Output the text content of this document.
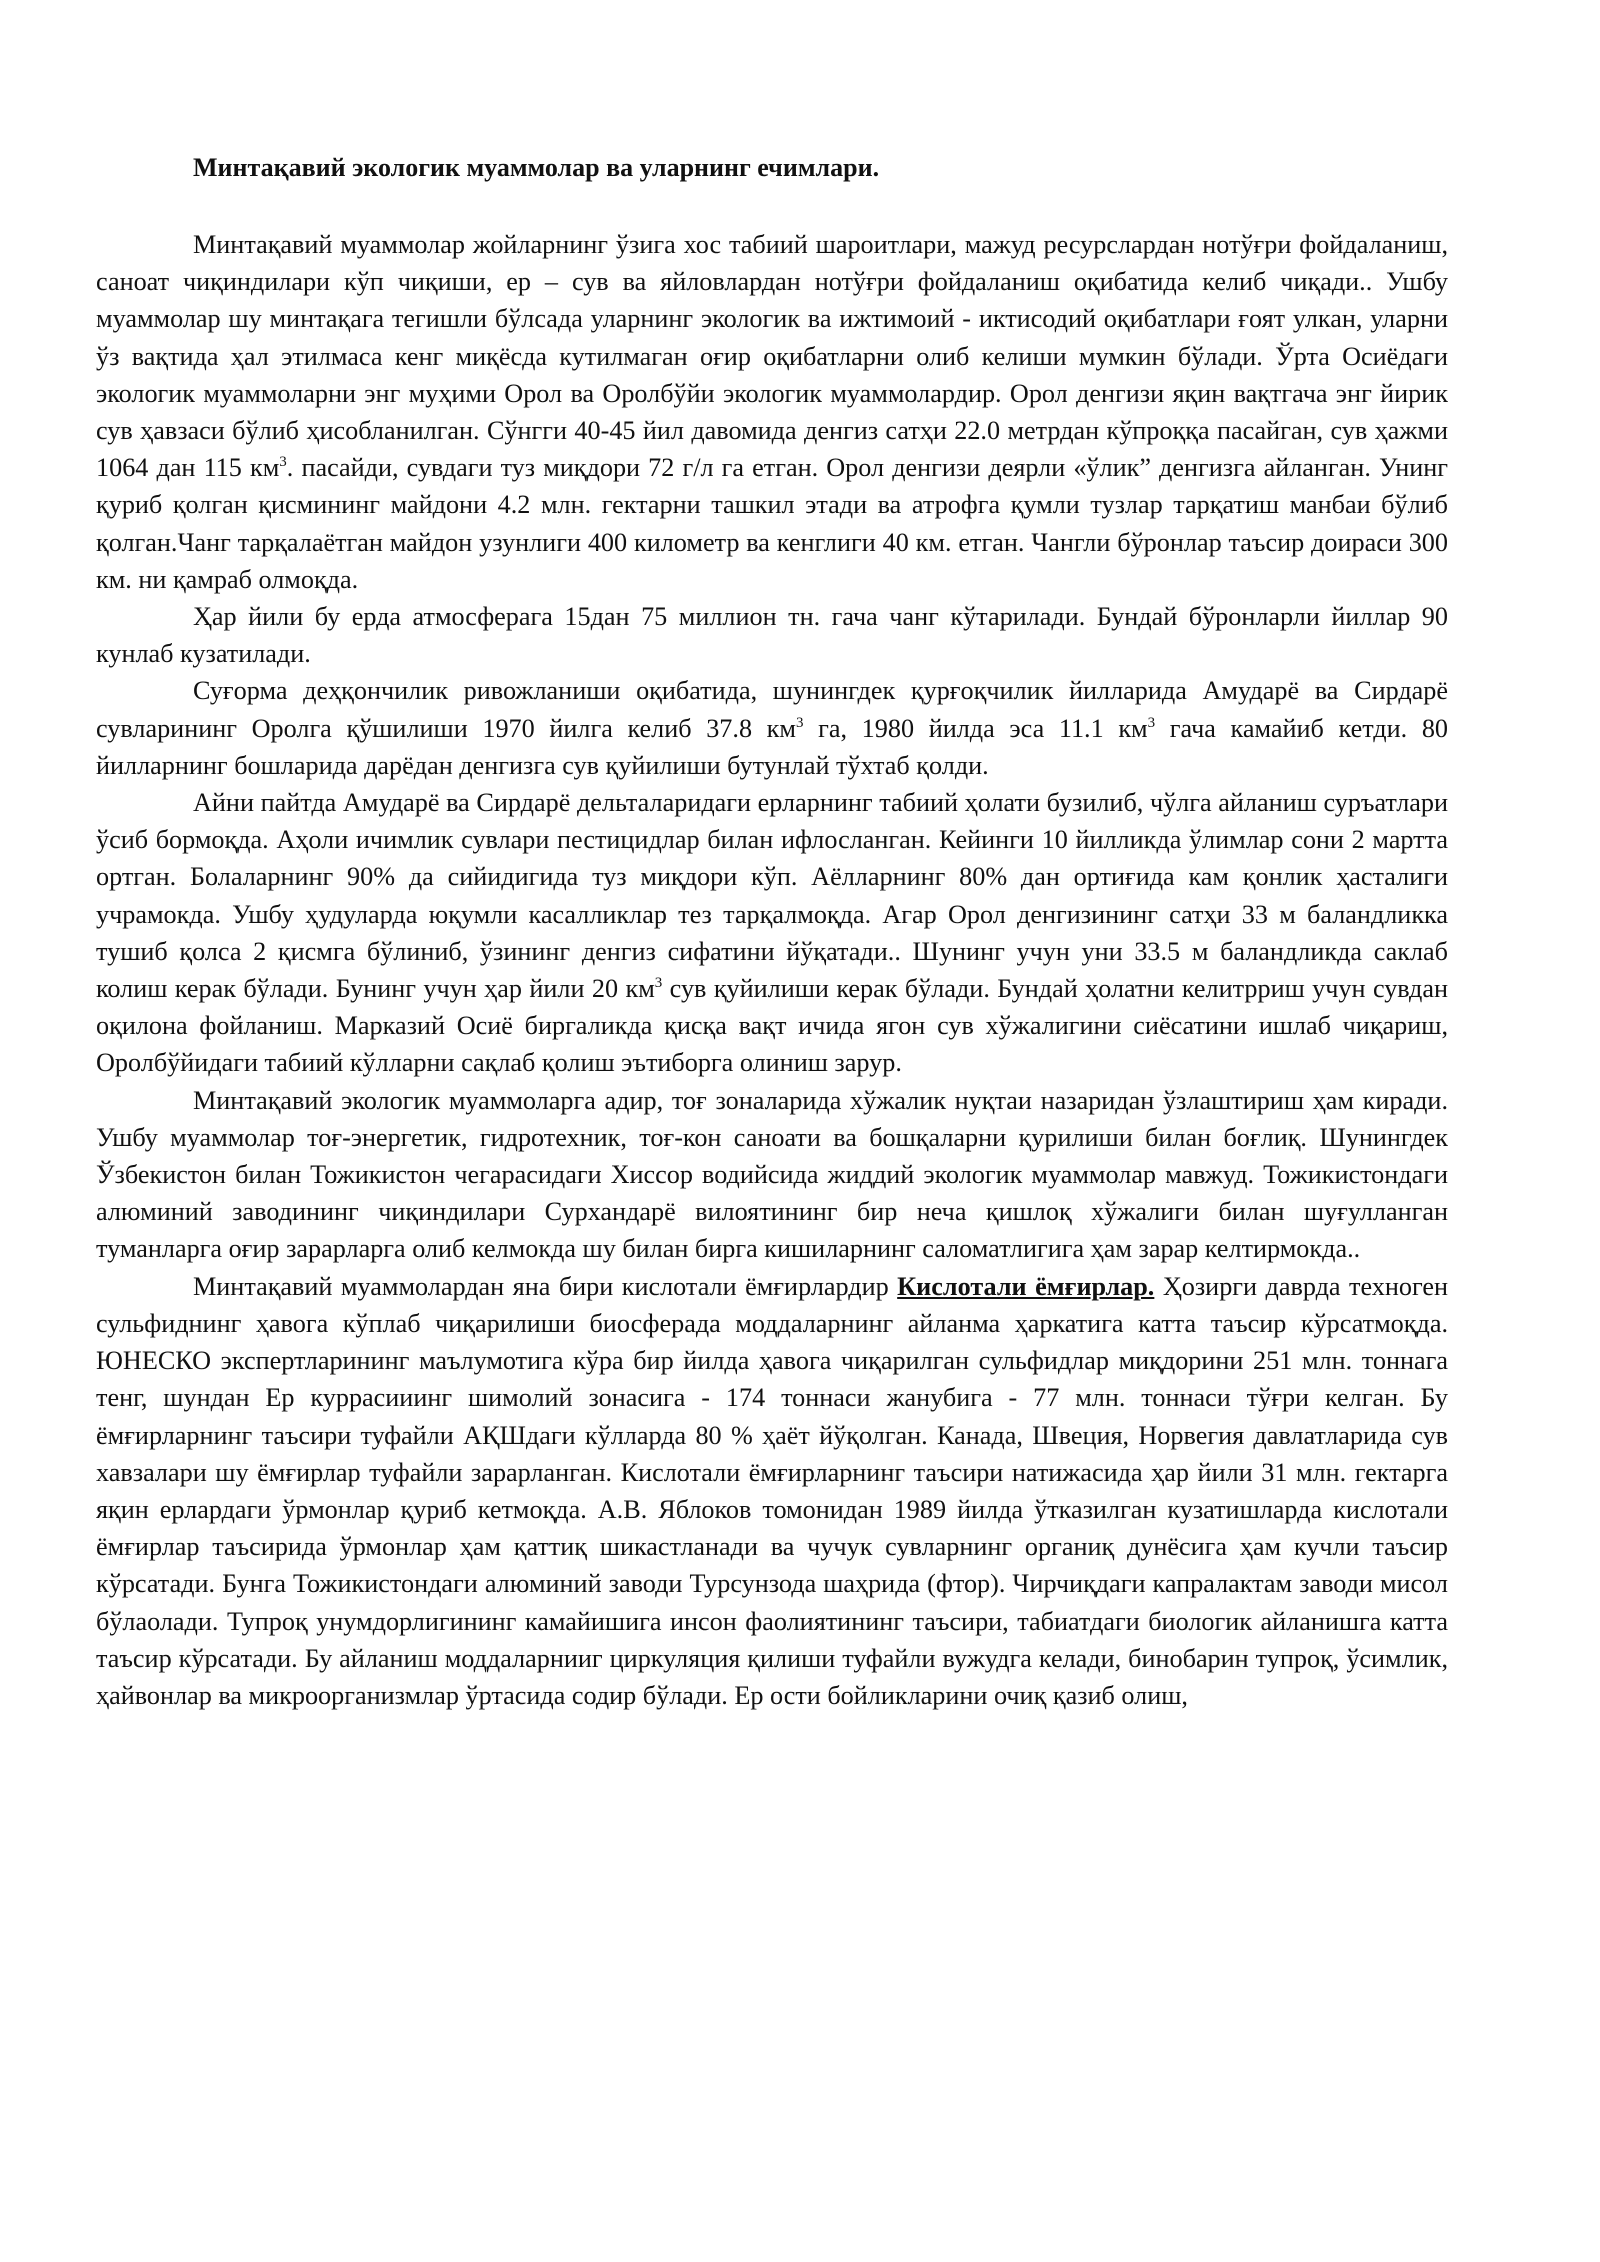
Минтақавий экологик муаммолар ва уларнинг ечимлари.

Минтақавий муаммолар жойларнинг ўзига хос табиий шароитлари, мажуд ресурслардан нотўғри фойдаланиш, саноат чиқиндилари кўп чиқиши, ер – сув ва яйловлардан нотўғри фойдаланиш оқибатида келиб чиқади.. Ушбу муаммолар шу минтақага тегишли бўлсада уларнинг экологик ва ижтимоий - иктисодий оқибатлари ғоят улкан, уларни ўз вақтида ҳал этилмаса кенг миқёсда кутилмаган оғир оқибатларни олиб келиши мумкин бўлади. Ўрта Осиёдаги экологик муаммоларни энг муҳими Орол ва Оролбўйи экологик муаммолардир. Орол денгизи яқин вақтгача энг йирик сув ҳавзаси бўлиб ҳисобланилган. Сўнгги 40-45 йил давомида денгиз сатҳи 22.0 метрдан кўпроққа пасайган, сув ҳажми 1064 дан 115 $км^3$. пасайди, сувдаги туз миқдори 72 г/л га етган. Орол денгизи деярли «ўлик” денгизга айланган. Унинг қуриб қолган қисмининг майдони 4.2 млн. гектарни ташкил этади ва атрофга қумли тузлар тарқатиш манбаи бўлиб қолган.Чанг тарқалаётган майдон узунлиги 400 километр ва кенглиги 40 км. етган. Чангли бўронлар таъсир доираси 300 км. ни қамраб олмоқда.

Ҳар йили бу ерда атмосферага 15дан 75 миллион тн. гача чанг кўтарилади. Бундай бўронларли йиллар 90 кунлаб кузатилади.

Суғорма деҳқончилик ривожланиши оқибатида, шунингдек қурғоқчилик йилларида Амударё ва Сирдарё сувларининг Оролга қўшилиши 1970 йилга келиб 37.8 $км^3$ га, 1980 йилда эса 11.1 $км^3$ гача камайиб кетди. 80 йилларнинг бошларида дарёдан денгизга сув қуйилиши бутунлай тўхтаб қолди.

Айни пайтда Амударё ва Сирдарё дельталаридаги ерларнинг табиий ҳолати бузилиб, чўлга айланиш суръатлари ўсиб бормоқда. Аҳоли ичимлик сувлари пестицидлар билан ифлосланган. Кейинги 10 йилликда ўлимлар сони 2 мартта ортган. Болаларнинг 90% да сийидигида туз миқдори кўп. Аёлларнинг 80% дан ортиғида кам қонлик ҳасталиги учрамокда. Ушбу ҳудуларда юқумли касалликлар тез тарқалмоқда. Агар Орол денгизининг сатҳи 33 м баландликка тушиб қолса 2 қисмга бўлиниб, ўзининг денгиз сифатини йўқатади.. Шунинг учун уни 33.5 м баландликда саклаб колиш керак бўлади. Бунинг учун ҳар йили 20 $км^3$ сув қуйилиши керак бўлади. Бундай ҳолатни келитрриш учун сувдан оқилона фойланиш. Марказий Осиё биргаликда қисқа вақт ичида ягон сув хўжалигини сиёсатини ишлаб чиқариш, Оролбўйидаги табиий кўлларни сақлаб қолиш эътиборга олиниш зарур.

Минтақавий экологик муаммоларга адир, тоғ зоналарида хўжалик нуқтаи назаридан ўзлаштириш ҳам киради. Ушбу муаммолар тоғ-энергетик, гидротехник, тоғ-кон саноати ва бошқаларни қурилиши билан боғлиқ. Шунингдек Ўзбекистон билан Тожикистон чегарасидаги Хиссор водийсида жиддий экологик муаммолар мавжуд. Тожикистондаги алюминий заводининг чиқиндилари Сурхандарё вилоятининг бир неча қишлоқ хўжалиги билан шуғулланган туманларга оғир зарарларга олиб келмокда шу билан бирга кишиларнинг саломатлигига ҳам зарар келтирмокда..

Минтақавий муаммолардан яна бири кислотали ёмғирлардир Кислотали ёмғирлар. Ҳозирги даврда техноген сульфиднинг ҳавога кўплаб чиқарилиши биосферада моддаларнинг айланма ҳаркатига катта таъсир кўрсатмоқда. ЮНЕСКО экспертларининг маълумотига кўра бир йилда ҳавога чиқарилган сульфидлар миқдорини 251 млн. тоннага тенг, шундан Ер куррасииинг шимолий зонасига - 174 тоннаси жанубига - 77 млн. тоннаси тўғри келган. Бу ёмғирларнинг таъсири туфайли АҚШдаги кўлларда 80 % ҳаёт йўқолган. Канада, Швеция, Норвегия давлатларида сув хавзалари шу ёмғирлар туфайли зарарланган. Кислотали ёмғирларнинг таъсири натижасида ҳар йили 31 млн. гектарга яқин ерлардаги ўрмонлар қуриб кетмоқда. А.В. Яблоков томонидан 1989 йилда ўтказилган кузатишларда кислотали ёмғирлар таъсирида ўрмонлар ҳам қаттиқ шикастланади ва чучук сувларнинг органиқ дунёсига ҳам кучли таъсир кўрсатади. Бунга Тожикистондаги алюминий заводи Турсунзода шаҳрида (фтор). Чирчиқдаги капралактам заводи мисол бўлаолади. Тупроқ унумдорлигининг камайишига инсон фаолиятининг таъсири, табиатдаги биологик айланишга катта таъсир кўрсатади. Бу айланиш моддаларнииг циркуляция қилиши туфайли вужудга келади, бинобарин тупроқ, ўсимлик, ҳайвонлар ва микроорганизмлар ўртасида содир бўлади. Ер ости бойликларини очиқ қазиб олиш,
